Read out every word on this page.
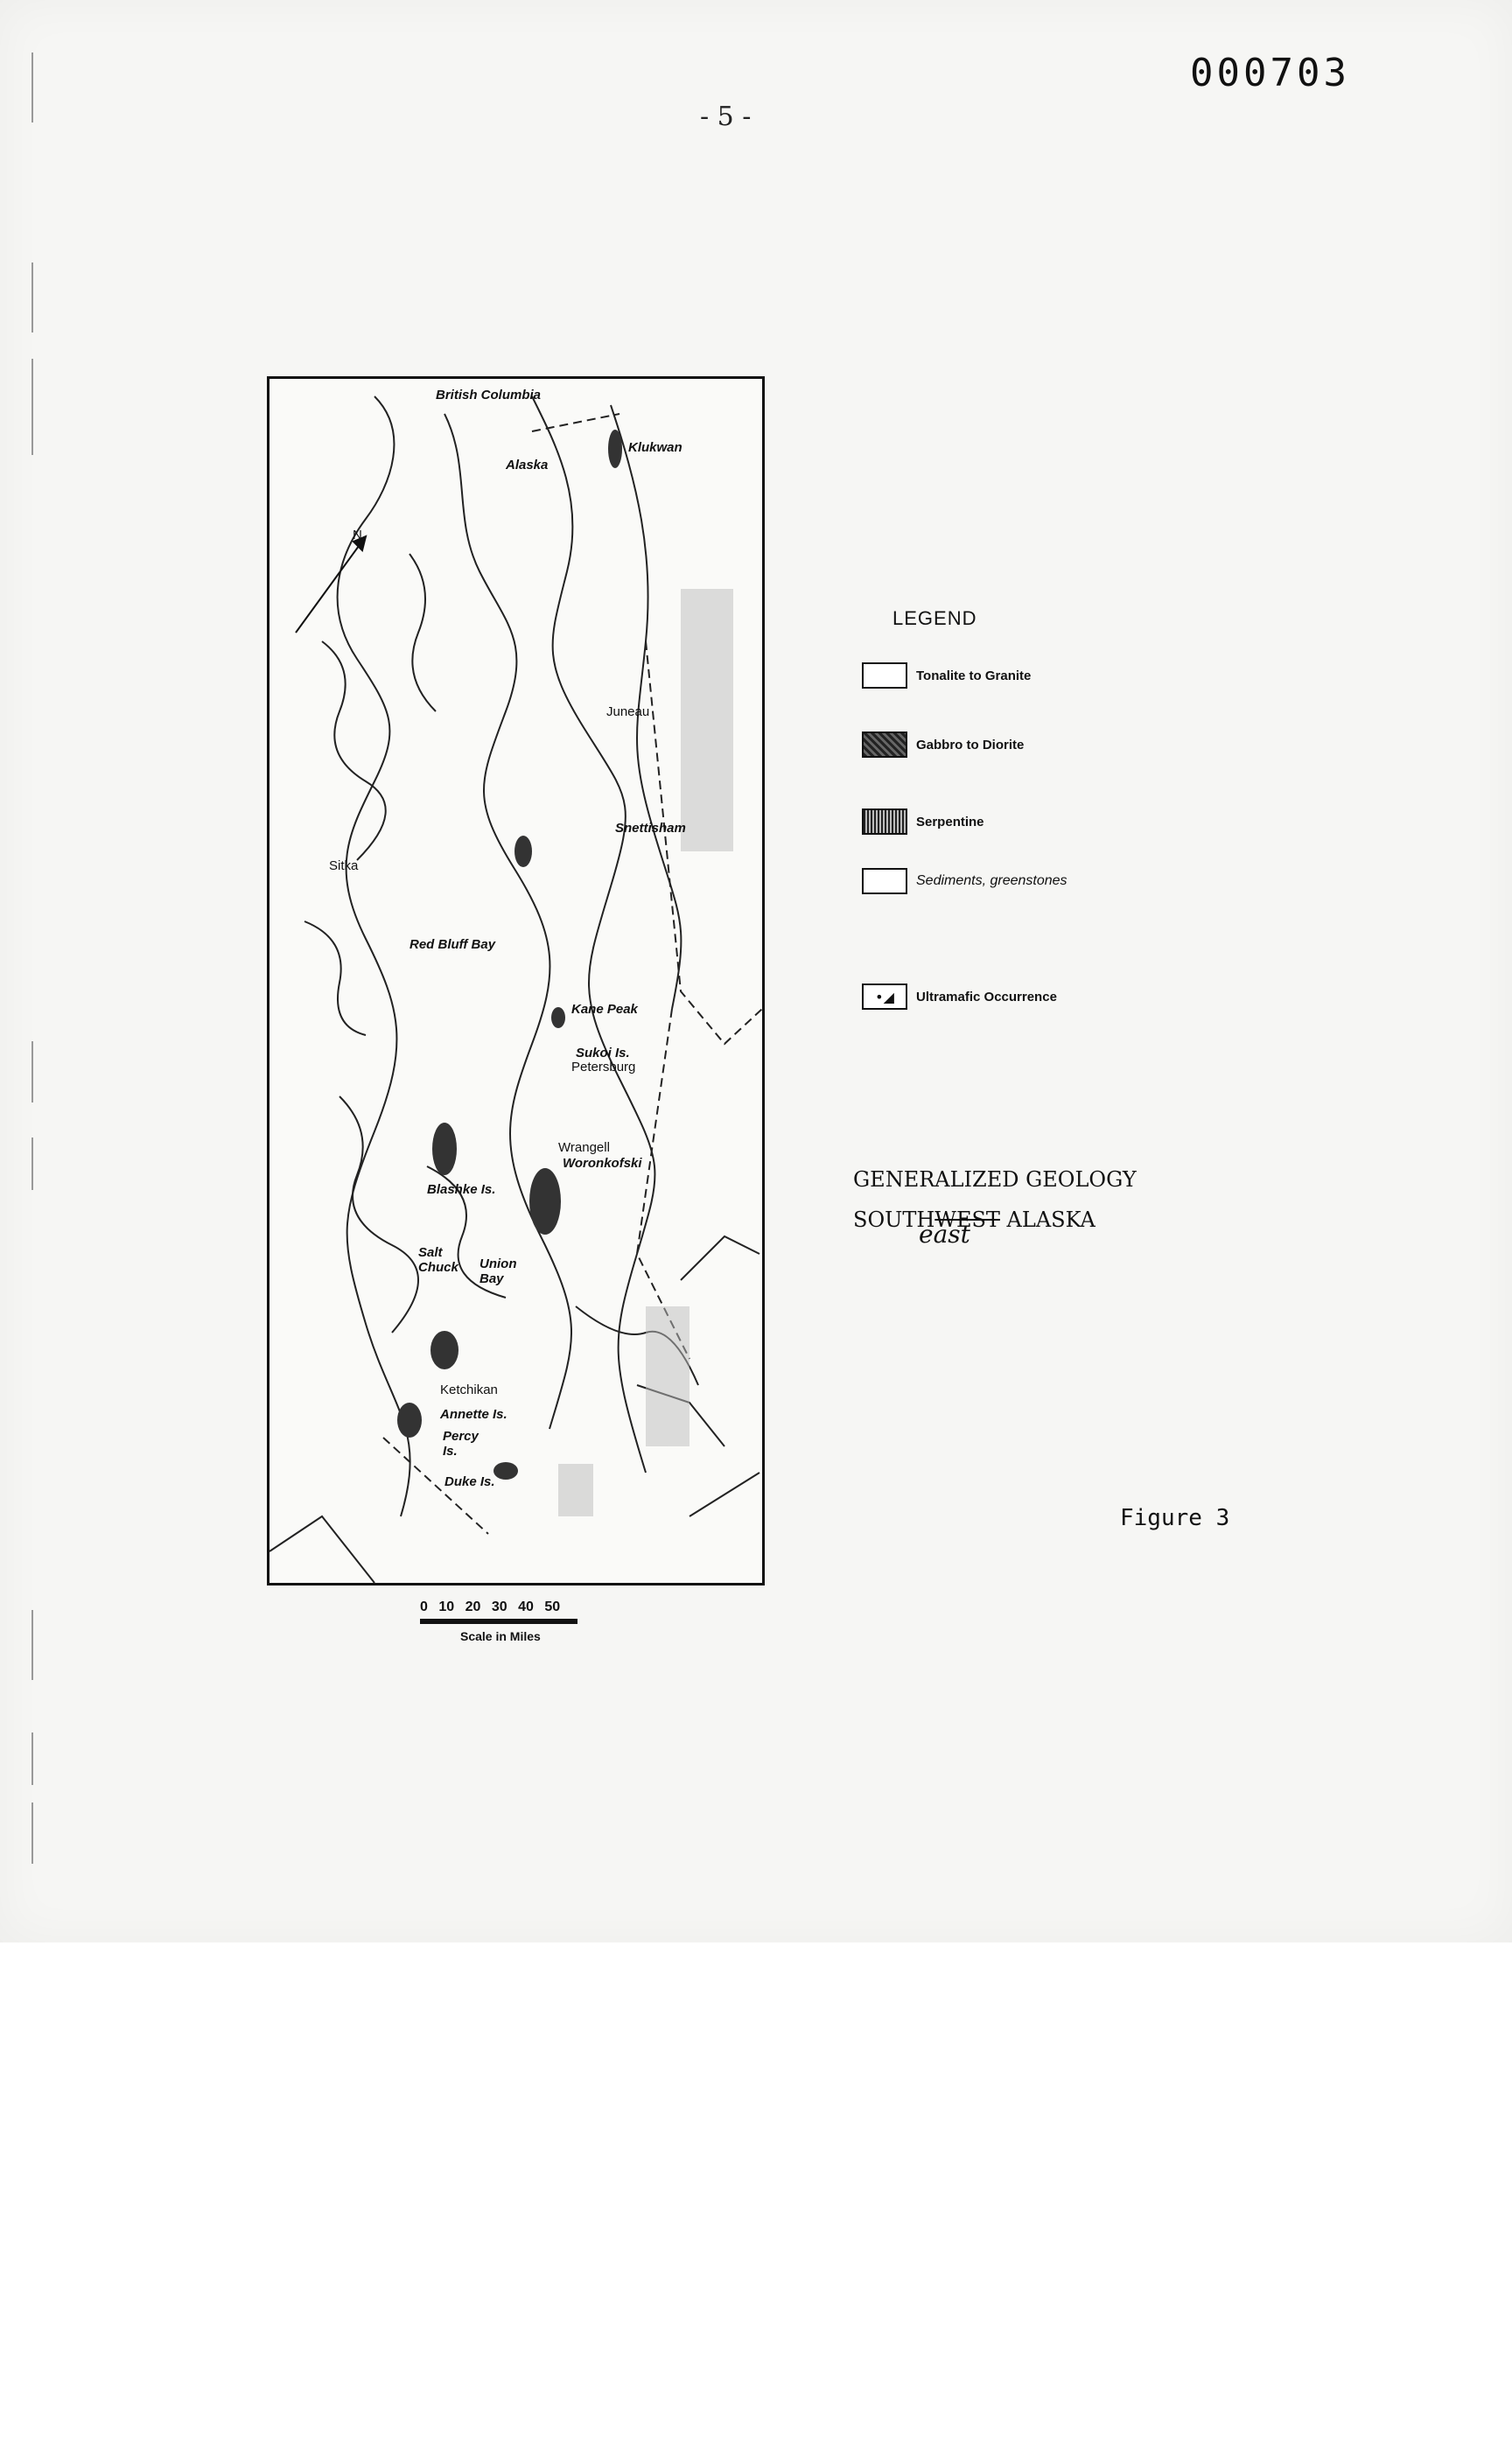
000703
- 5 -
British Columbia
Alaska
Klukwan
N
Juneau
Snettisham
Sitka
Red Bluff Bay
Kane Peak
Sukoi Is.
Petersburg
Wrangell
Woronkofski
Blashke Is.
Salt Chuck Union Bay
Ketchikan
Annette Is.
Percy Is.
Duke Is.
0 10 20 30 40 50
Scale in Miles
LEGEND
Tonalite to Granite
Gabbro to Diorite
Serpentine
Sediments, greenstones
•◢	Ultramafic Occurrence
GENERALIZED GEOLOGY
SOUTHWEST ALASKA
east
Figure 3
